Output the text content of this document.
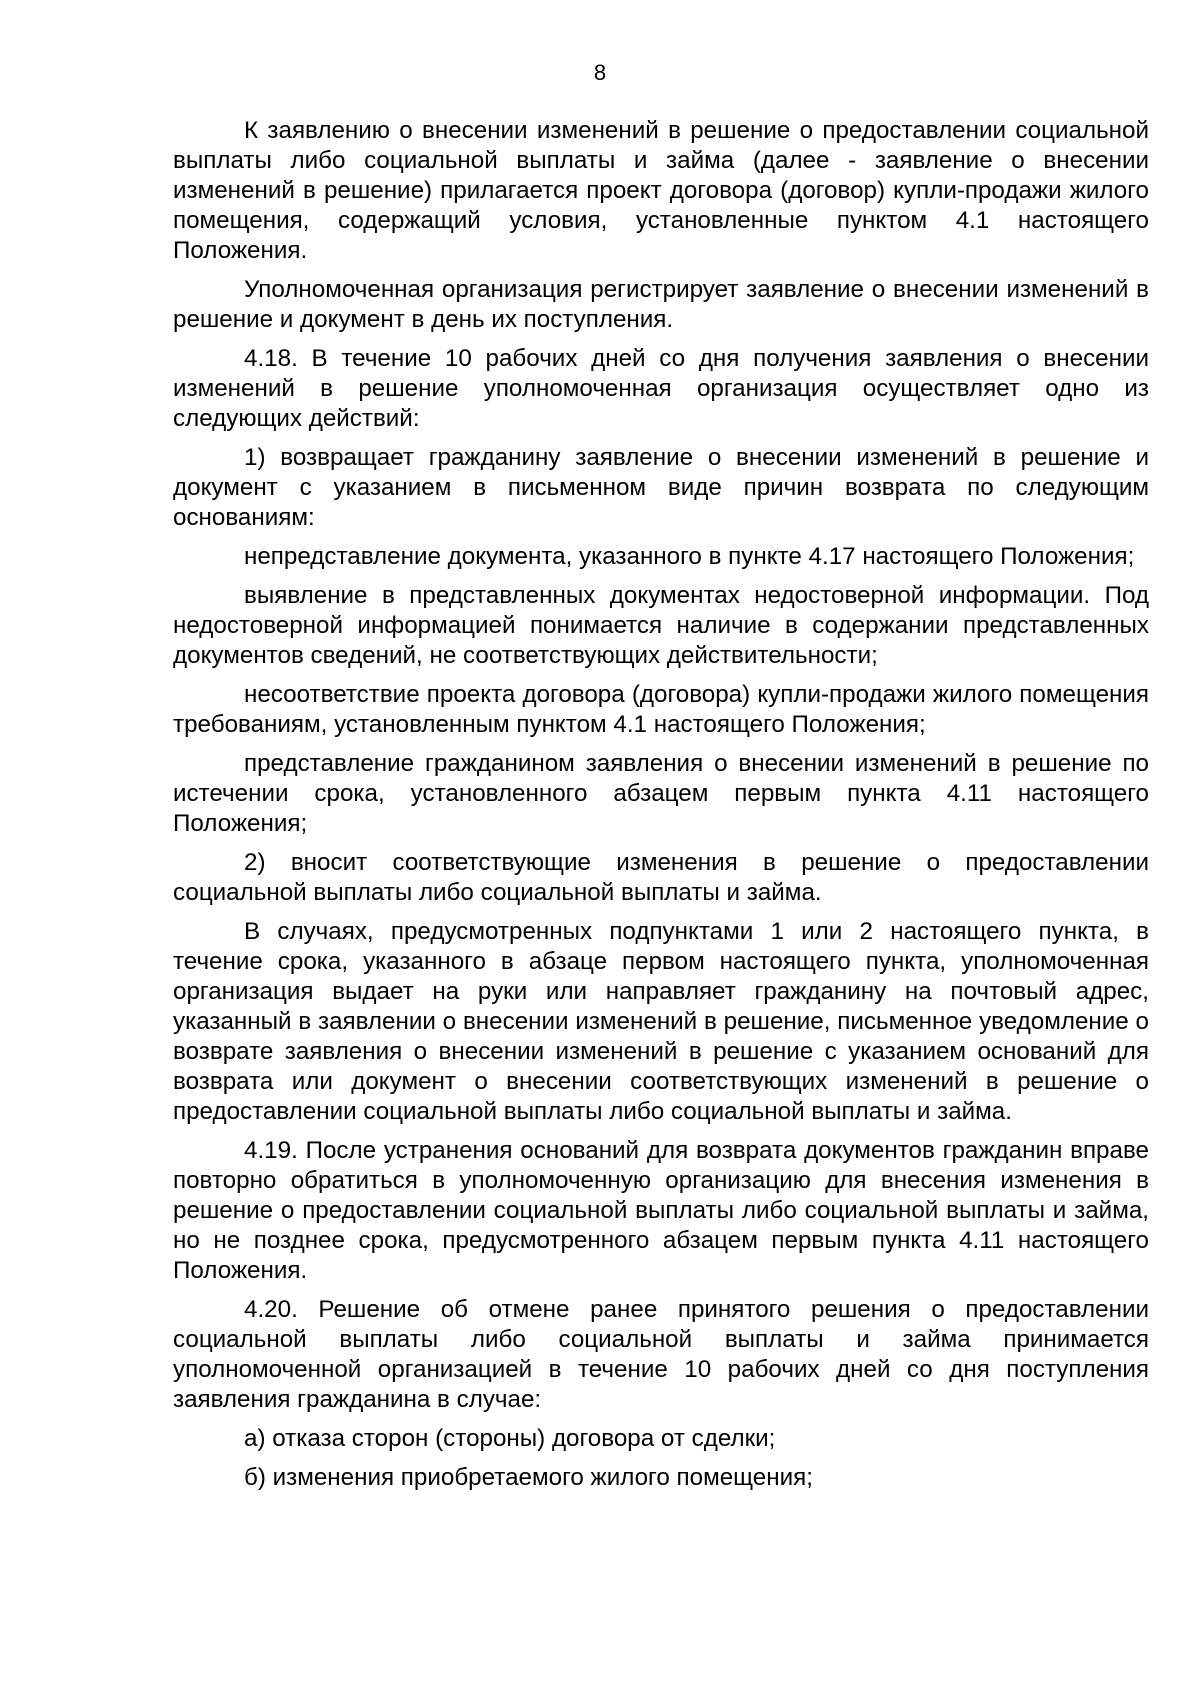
8

К заявлению о внесении изменений в решение о предоставлении социальной выплаты либо социальной выплаты и займа (далее - заявление о внесении изменений в решение) прилагается проект договора (договор) купли-продажи жилого помещения, содержащий условия, установленные пунктом 4.1 настоящего Положения.

Уполномоченная организация регистрирует заявление о внесении изменений в решение и документ в день их поступления.

4.18. В течение 10 рабочих дней со дня получения заявления о внесении изменений в решение уполномоченная организация осуществляет одно из следующих действий:

1) возвращает гражданину заявление о внесении изменений в решение и документ с указанием в письменном виде причин возврата по следующим основаниям:

непредставление документа, указанного в пункте 4.17 настоящего Положения;

выявление в представленных документах недостоверной информации. Под недостоверной информацией понимается наличие в содержании представленных документов сведений, не соответствующих действительности;

несоответствие проекта договора (договора) купли-продажи жилого помещения требованиям, установленным пунктом 4.1 настоящего Положения;

представление гражданином заявления о внесении изменений в решение по истечении срока, установленного абзацем первым пункта 4.11 настоящего Положения;

2) вносит соответствующие изменения в решение о предоставлении социальной выплаты либо социальной выплаты и займа.

В случаях, предусмотренных подпунктами 1 или 2 настоящего пункта, в течение срока, указанного в абзаце первом настоящего пункта, уполномоченная организация выдает на руки или направляет гражданину на почтовый адрес, указанный в заявлении о внесении изменений в решение, письменное уведомление о возврате заявления о внесении изменений в решение с указанием оснований для возврата или документ о внесении соответствующих изменений в решение о предоставлении социальной выплаты либо социальной выплаты и займа.

4.19. После устранения оснований для возврата документов гражданин вправе повторно обратиться в уполномоченную организацию для внесения изменения в решение о предоставлении социальной выплаты либо социальной выплаты и займа, но не позднее срока, предусмотренного абзацем первым пункта 4.11 настоящего Положения.

4.20. Решение об отмене ранее принятого решения о предоставлении социальной выплаты либо социальной выплаты и займа принимается уполномоченной организацией в течение 10 рабочих дней со дня поступления заявления гражданина в случае:

а) отказа сторон (стороны) договора от сделки;

б) изменения приобретаемого жилого помещения;
